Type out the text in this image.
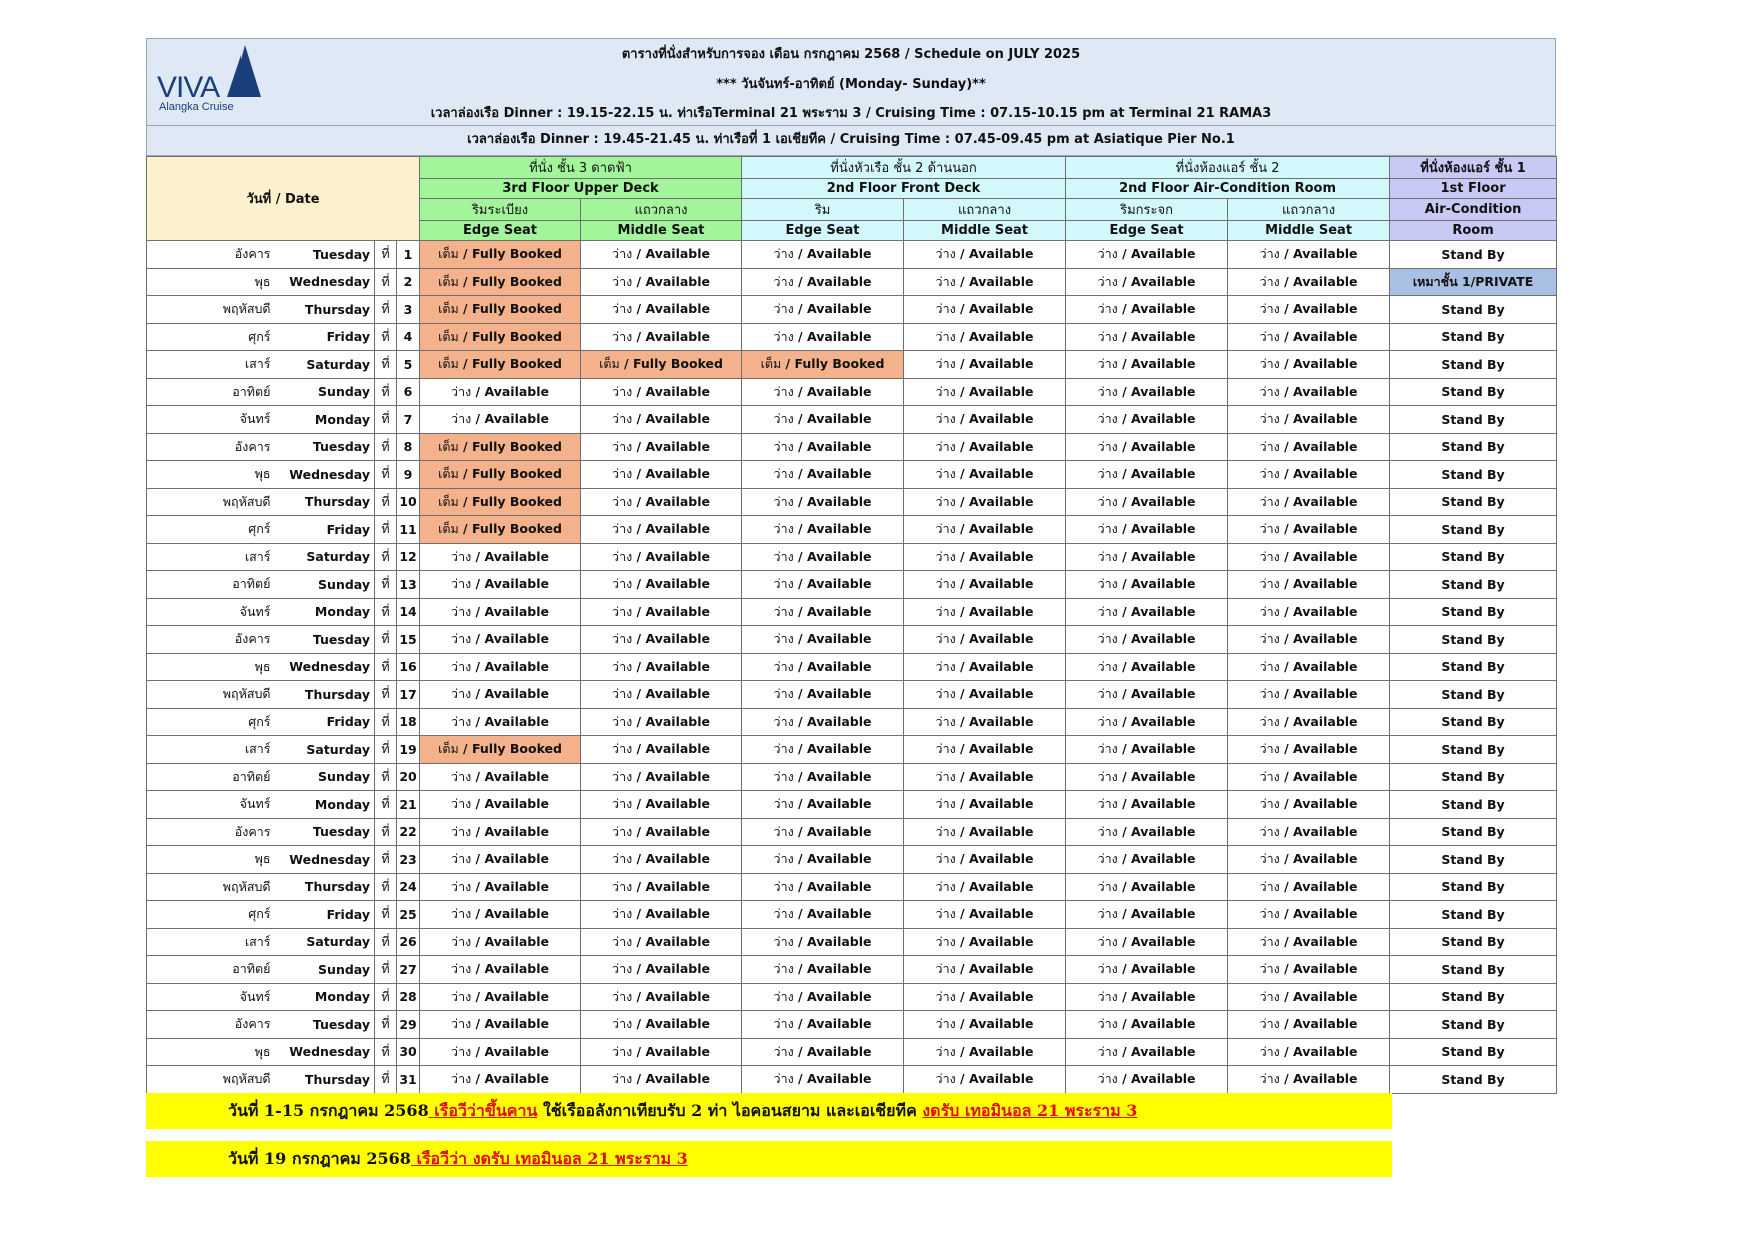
VIVA
Alangka Cruise
ตารางที่นั่งสำหรับการจอง เดือน กรกฎาคม 2568 / Schedule on JULY 2025
*** วันจันทร์-อาทิตย์ (Monday- Sunday)**
เวลาล่องเรือ Dinner : 19.15-22.15 น. ท่าเรือTerminal 21 พระราม 3 / Cruising Time : 07.15-10.15 pm at Terminal 21 RAMA3
เวลาล่องเรือ Dinner : 19.45-21.45 น. ท่าเรือที่ 1 เอเชียทีค / Cruising Time : 07.45-09.45 pm at Asiatique Pier No.1
วันที่ / Date				ที่นั่ง ชั้น 3 ดาดฟ้า		ที่นั่งหัวเรือ ชั้น 2 ด้านนอก		ที่นั่งห้องแอร์ ชั้น 2		ที่นั่งห้องแอร์ ชั้น 1
				3rd Floor Upper Deck		2nd Floor Front Deck		2nd Floor Air-Condition Room		1st Floor
				ริมระเบียง	แถวกลาง	ริม	แถวกลาง	ริมกระจก	แถวกลาง	Air-Condition
				Edge Seat	Middle Seat	Edge Seat	Middle Seat	Edge Seat	Middle Seat	Room
อังคาร	Tuesday	ที่	1	เต็ม / Fully Booked	ว่าง / Available	ว่าง / Available	ว่าง / Available	ว่าง / Available	ว่าง / Available	Stand By
พุธ	Wednesday	ที่	2	เต็ม / Fully Booked	ว่าง / Available	ว่าง / Available	ว่าง / Available	ว่าง / Available	ว่าง / Available	เหมาชั้น 1/PRIVATE
พฤหัสบดี	Thursday	ที่	3	เต็ม / Fully Booked	ว่าง / Available	ว่าง / Available	ว่าง / Available	ว่าง / Available	ว่าง / Available	Stand By
ศุกร์	Friday	ที่	4	เต็ม / Fully Booked	ว่าง / Available	ว่าง / Available	ว่าง / Available	ว่าง / Available	ว่าง / Available	Stand By
เสาร์	Saturday	ที่	5	เต็ม / Fully Booked	เต็ม / Fully Booked	เต็ม / Fully Booked	ว่าง / Available	ว่าง / Available	ว่าง / Available	Stand By
อาทิตย์	Sunday	ที่	6	ว่าง / Available	ว่าง / Available	ว่าง / Available	ว่าง / Available	ว่าง / Available	ว่าง / Available	Stand By
จันทร์	Monday	ที่	7	ว่าง / Available	ว่าง / Available	ว่าง / Available	ว่าง / Available	ว่าง / Available	ว่าง / Available	Stand By
อังคาร	Tuesday	ที่	8	เต็ม / Fully Booked	ว่าง / Available	ว่าง / Available	ว่าง / Available	ว่าง / Available	ว่าง / Available	Stand By
พุธ	Wednesday	ที่	9	เต็ม / Fully Booked	ว่าง / Available	ว่าง / Available	ว่าง / Available	ว่าง / Available	ว่าง / Available	Stand By
พฤหัสบดี	Thursday	ที่	10	เต็ม / Fully Booked	ว่าง / Available	ว่าง / Available	ว่าง / Available	ว่าง / Available	ว่าง / Available	Stand By
ศุกร์	Friday	ที่	11	เต็ม / Fully Booked	ว่าง / Available	ว่าง / Available	ว่าง / Available	ว่าง / Available	ว่าง / Available	Stand By
เสาร์	Saturday	ที่	12	ว่าง / Available	ว่าง / Available	ว่าง / Available	ว่าง / Available	ว่าง / Available	ว่าง / Available	Stand By
อาทิตย์	Sunday	ที่	13	ว่าง / Available	ว่าง / Available	ว่าง / Available	ว่าง / Available	ว่าง / Available	ว่าง / Available	Stand By
จันทร์	Monday	ที่	14	ว่าง / Available	ว่าง / Available	ว่าง / Available	ว่าง / Available	ว่าง / Available	ว่าง / Available	Stand By
อังคาร	Tuesday	ที่	15	ว่าง / Available	ว่าง / Available	ว่าง / Available	ว่าง / Available	ว่าง / Available	ว่าง / Available	Stand By
พุธ	Wednesday	ที่	16	ว่าง / Available	ว่าง / Available	ว่าง / Available	ว่าง / Available	ว่าง / Available	ว่าง / Available	Stand By
พฤหัสบดี	Thursday	ที่	17	ว่าง / Available	ว่าง / Available	ว่าง / Available	ว่าง / Available	ว่าง / Available	ว่าง / Available	Stand By
ศุกร์	Friday	ที่	18	ว่าง / Available	ว่าง / Available	ว่าง / Available	ว่าง / Available	ว่าง / Available	ว่าง / Available	Stand By
เสาร์	Saturday	ที่	19	เต็ม / Fully Booked	ว่าง / Available	ว่าง / Available	ว่าง / Available	ว่าง / Available	ว่าง / Available	Stand By
อาทิตย์	Sunday	ที่	20	ว่าง / Available	ว่าง / Available	ว่าง / Available	ว่าง / Available	ว่าง / Available	ว่าง / Available	Stand By
จันทร์	Monday	ที่	21	ว่าง / Available	ว่าง / Available	ว่าง / Available	ว่าง / Available	ว่าง / Available	ว่าง / Available	Stand By
อังคาร	Tuesday	ที่	22	ว่าง / Available	ว่าง / Available	ว่าง / Available	ว่าง / Available	ว่าง / Available	ว่าง / Available	Stand By
พุธ	Wednesday	ที่	23	ว่าง / Available	ว่าง / Available	ว่าง / Available	ว่าง / Available	ว่าง / Available	ว่าง / Available	Stand By
พฤหัสบดี	Thursday	ที่	24	ว่าง / Available	ว่าง / Available	ว่าง / Available	ว่าง / Available	ว่าง / Available	ว่าง / Available	Stand By
ศุกร์	Friday	ที่	25	ว่าง / Available	ว่าง / Available	ว่าง / Available	ว่าง / Available	ว่าง / Available	ว่าง / Available	Stand By
เสาร์	Saturday	ที่	26	ว่าง / Available	ว่าง / Available	ว่าง / Available	ว่าง / Available	ว่าง / Available	ว่าง / Available	Stand By
อาทิตย์	Sunday	ที่	27	ว่าง / Available	ว่าง / Available	ว่าง / Available	ว่าง / Available	ว่าง / Available	ว่าง / Available	Stand By
จันทร์	Monday	ที่	28	ว่าง / Available	ว่าง / Available	ว่าง / Available	ว่าง / Available	ว่าง / Available	ว่าง / Available	Stand By
อังคาร	Tuesday	ที่	29	ว่าง / Available	ว่าง / Available	ว่าง / Available	ว่าง / Available	ว่าง / Available	ว่าง / Available	Stand By
พุธ	Wednesday	ที่	30	ว่าง / Available	ว่าง / Available	ว่าง / Available	ว่าง / Available	ว่าง / Available	ว่าง / Available	Stand By
พฤหัสบดี	Thursday	ที่	31	ว่าง / Available	ว่าง / Available	ว่าง / Available	ว่าง / Available	ว่าง / Available	ว่าง / Available	Stand By
วันที่ 1-15 กรกฎาคม 2568 เรือวีว่าขึ้นคาน ใช้เรืออลังกาเทียบรับ 2 ท่า ไอคอนสยาม และเอเชียทีค งดรับ เทอมินอล 21 พระราม 3
วันที่ 19 กรกฎาคม 2568 เรือวีว่า งดรับ เทอมินอล 21 พระราม 3
